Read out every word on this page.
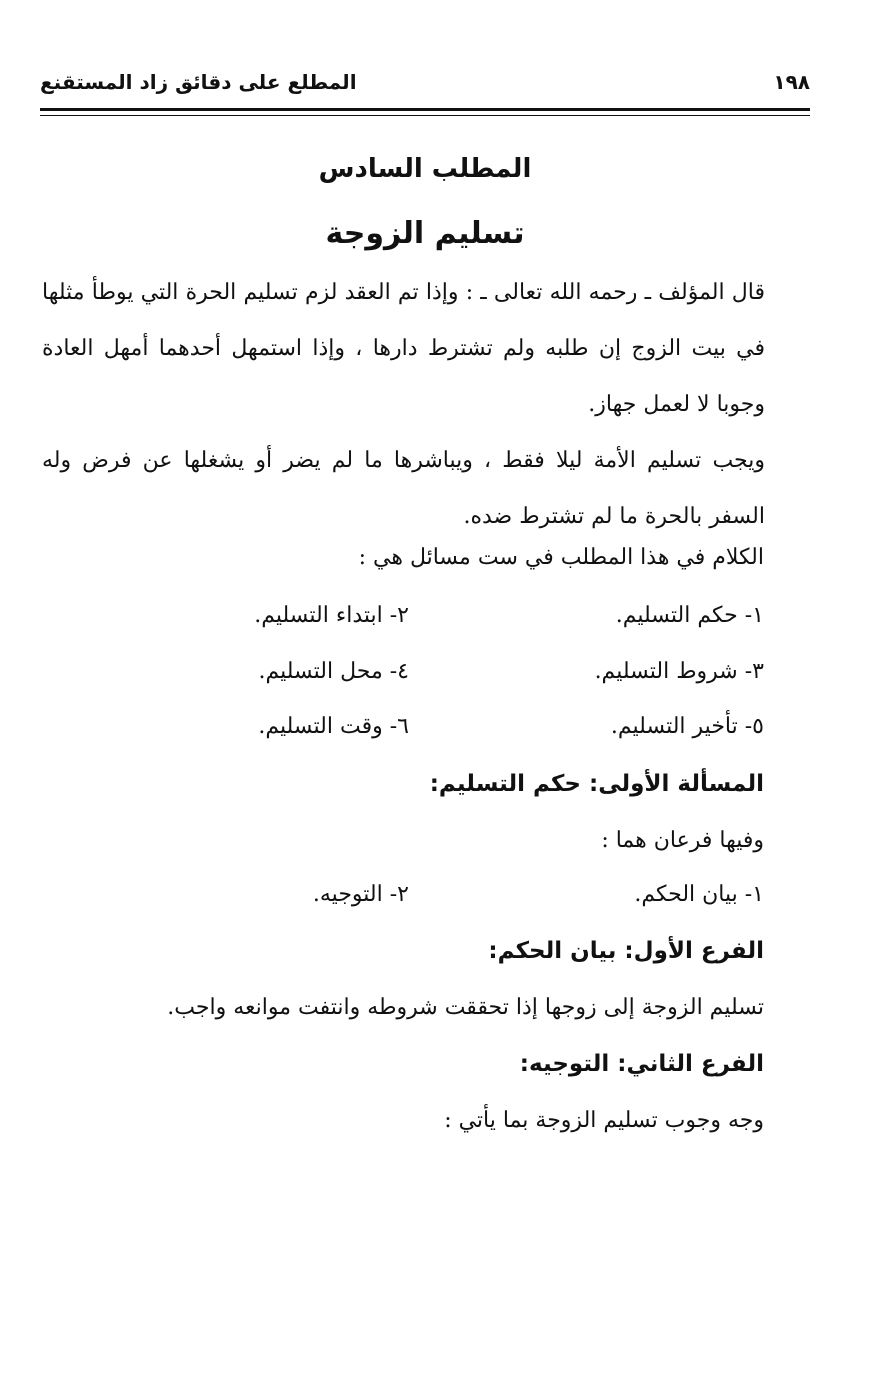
١٩٨
المطلع على دقائق زاد المستقنع
المطلب السادس
تسليم الزوجة

قال المؤلف ـ رحمه الله تعالى ـ : وإذا تم العقد لزم تسليم الحرة التي يوطأ مثلها في بيت الزوج إن طلبه ولم تشترط دارها ، وإذا استمهل أحدهما أمهل العادة وجوبا لا لعمل جهاز.

ويجب تسليم الأمة ليلا فقط ، ويباشرها ما لم يضر أو يشغلها عن فرض وله السفر بالحرة ما لم تشترط ضده.

الكلام في هذا المطلب في ست مسائل هي :

١- حكم التسليم.
٢- ابتداء التسليم.
٣- شروط التسليم.
٤- محل التسليم.
٥- تأخير التسليم.
٦- وقت التسليم.
المسألة الأولى: حكم التسليم:

وفيها فرعان هما :

١- بيان الحكم.
٢- التوجيه.
الفرع الأول: بيان الحكم:

تسليم الزوجة إلى زوجها إذا تحققت شروطه وانتفت موانعه واجب.

الفرع الثاني: التوجيه:

وجه وجوب تسليم الزوجة بما يأتي :
